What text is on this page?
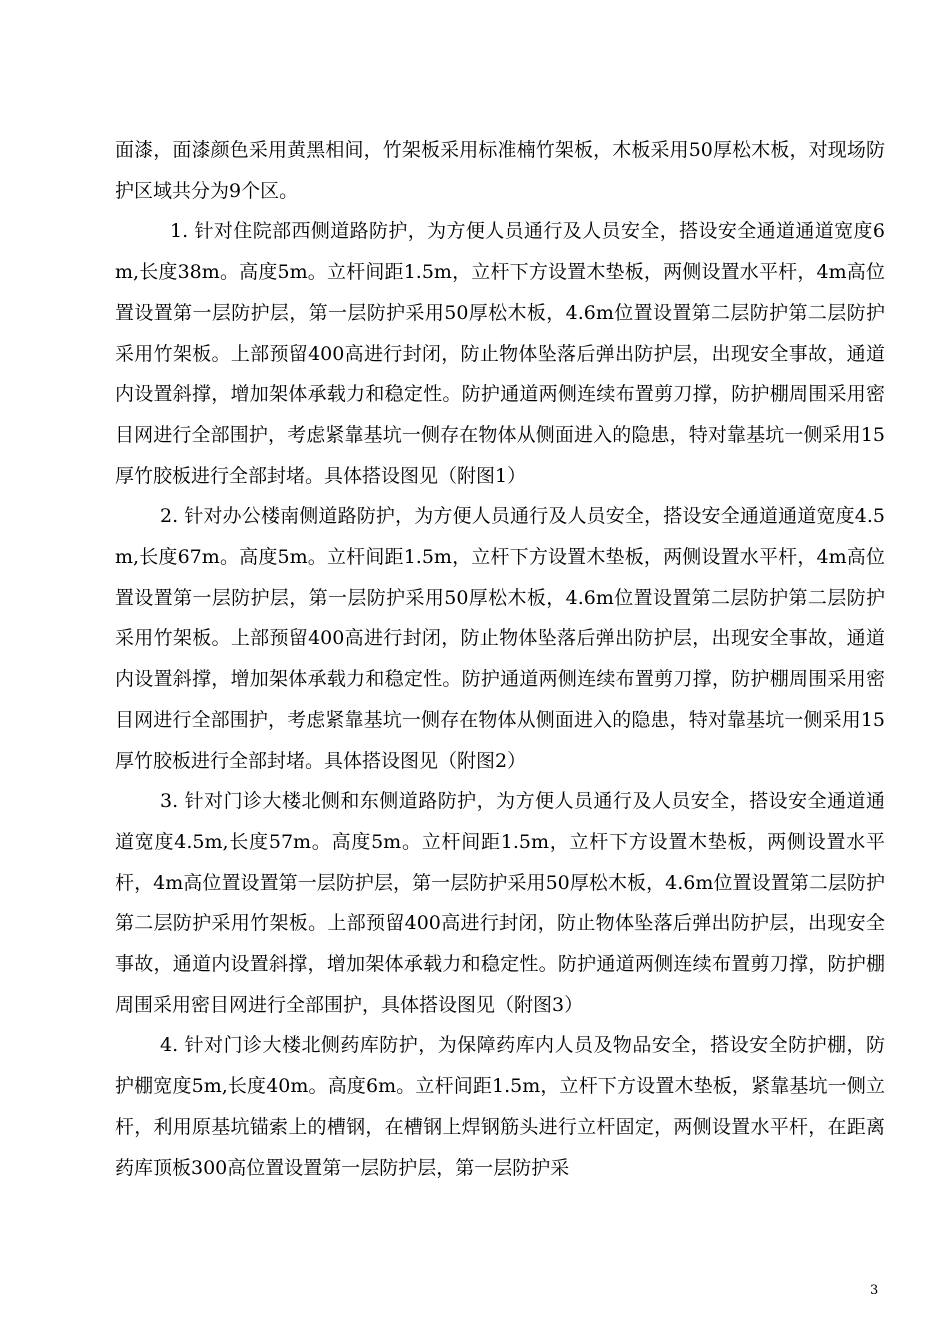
面漆，面漆颜色采用黄黑相间，竹架板采用标准楠竹架板，木板采用50厚松木板，对现场防护区域共分为9个区。

1. 针对住院部西侧道路防护，为方便人员通行及人员安全，搭设安全通道通道宽度6m,长度38m。高度5m。立杆间距1.5m，立杆下方设置木垫板，两侧设置水平杆，4m高位置设置第一层防护层，第一层防护采用50厚松木板，4.6m位置设置第二层防护第二层防护采用竹架板。上部预留400高进行封闭，防止物体坠落后弹出防护层，出现安全事故，通道内设置斜撑，增加架体承载力和稳定性。防护通道两侧连续布置剪刀撑，防护棚周围采用密目网进行全部围护，考虑紧靠基坑一侧存在物体从侧面进入的隐患，特对靠基坑一侧采用15厚竹胶板进行全部封堵。具体搭设图见（附图1）

2. 针对办公楼南侧道路防护，为方便人员通行及人员安全，搭设安全通道通道宽度4.5m,长度67m。高度5m。立杆间距1.5m，立杆下方设置木垫板，两侧设置水平杆，4m高位置设置第一层防护层，第一层防护采用50厚松木板，4.6m位置设置第二层防护第二层防护采用竹架板。上部预留400高进行封闭，防止物体坠落后弹出防护层，出现安全事故，通道内设置斜撑，增加架体承载力和稳定性。防护通道两侧连续布置剪刀撑，防护棚周围采用密目网进行全部围护，考虑紧靠基坑一侧存在物体从侧面进入的隐患，特对靠基坑一侧采用15厚竹胶板进行全部封堵。具体搭设图见（附图2）

3. 针对门诊大楼北侧和东侧道路防护，为方便人员通行及人员安全，搭设安全通道通道宽度4.5m,长度57m。高度5m。立杆间距1.5m，立杆下方设置木垫板，两侧设置水平杆，4m高位置设置第一层防护层，第一层防护采用50厚松木板，4.6m位置设置第二层防护第二层防护采用竹架板。上部预留400高进行封闭，防止物体坠落后弹出防护层，出现安全事故，通道内设置斜撑，增加架体承载力和稳定性。防护通道两侧连续布置剪刀撑，防护棚周围采用密目网进行全部围护，具体搭设图见（附图3）

4. 针对门诊大楼北侧药库防护，为保障药库内人员及物品安全，搭设安全防护棚，防护棚宽度5m,长度40m。高度6m。立杆间距1.5m，立杆下方设置木垫板，紧靠基坑一侧立杆，利用原基坑锚索上的槽钢，在槽钢上焊钢筋头进行立杆固定，两侧设置水平杆，在距离药库顶板300高位置设置第一层防护层，第一层防护采

3
